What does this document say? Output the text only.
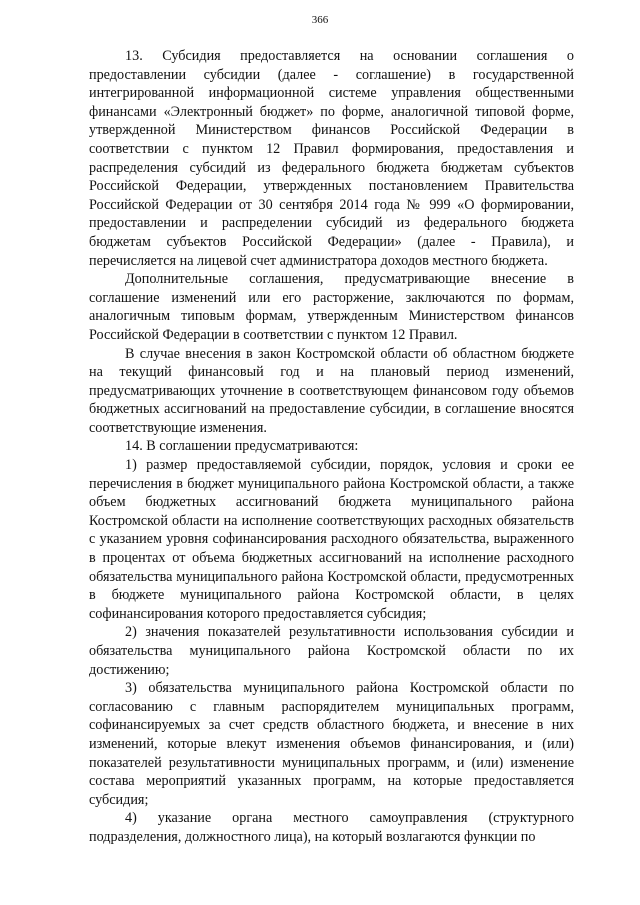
366

13. Субсидия предоставляется на основании соглашения о предоставлении субсидии (далее - соглашение) в государственной интегрированной информационной системе управления общественными финансами «Электронный бюджет» по форме, аналогичной типовой форме, утвержденной Министерством финансов Российской Федерации в соответствии с пунктом 12 Правил формирования, предоставления и распределения субсидий из федерального бюджета бюджетам субъектов Российской Федерации, утвержденных постановлением Правительства Российской Федерации от 30 сентября 2014 года № 999 «О формировании, предоставлении и распределении субсидий из федерального бюджета бюджетам субъектов Российской Федерации» (далее - Правила), и перечисляется на лицевой счет администратора доходов местного бюджета.

Дополнительные соглашения, предусматривающие внесение в соглашение изменений или его расторжение, заключаются по формам, аналогичным типовым формам, утвержденным Министерством финансов Российской Федерации в соответствии с пунктом 12 Правил.

В случае внесения в закон Костромской области об областном бюджете на текущий финансовый год и на плановый период изменений, предусматривающих уточнение в соответствующем финансовом году объемов бюджетных ассигнований на предоставление субсидии, в соглашение вносятся соответствующие изменения.

14. В соглашении предусматриваются:

1) размер предоставляемой субсидии, порядок, условия и сроки ее перечисления в бюджет муниципального района Костромской области, а также объем бюджетных ассигнований бюджета муниципального района Костромской области на исполнение соответствующих расходных обязательств с указанием уровня софинансирования расходного обязательства, выраженного в процентах от объема бюджетных ассигнований на исполнение расходного обязательства муниципального района Костромской области, предусмотренных в бюджете муниципального района Костромской области, в целях софинансирования которого предоставляется субсидия;

2) значения показателей результативности использования субсидии и обязательства муниципального района Костромской области по их достижению;

3) обязательства муниципального района Костромской области по согласованию с главным распорядителем муниципальных программ, софинансируемых за счет средств областного бюджета, и внесение в них изменений, которые влекут изменения объемов финансирования, и (или) показателей результативности муниципальных программ, и (или) изменение состава мероприятий указанных программ, на которые предоставляется субсидия;

4) указание органа местного самоуправления (структурного подразделения, должностного лица), на который возлагаются функции по
